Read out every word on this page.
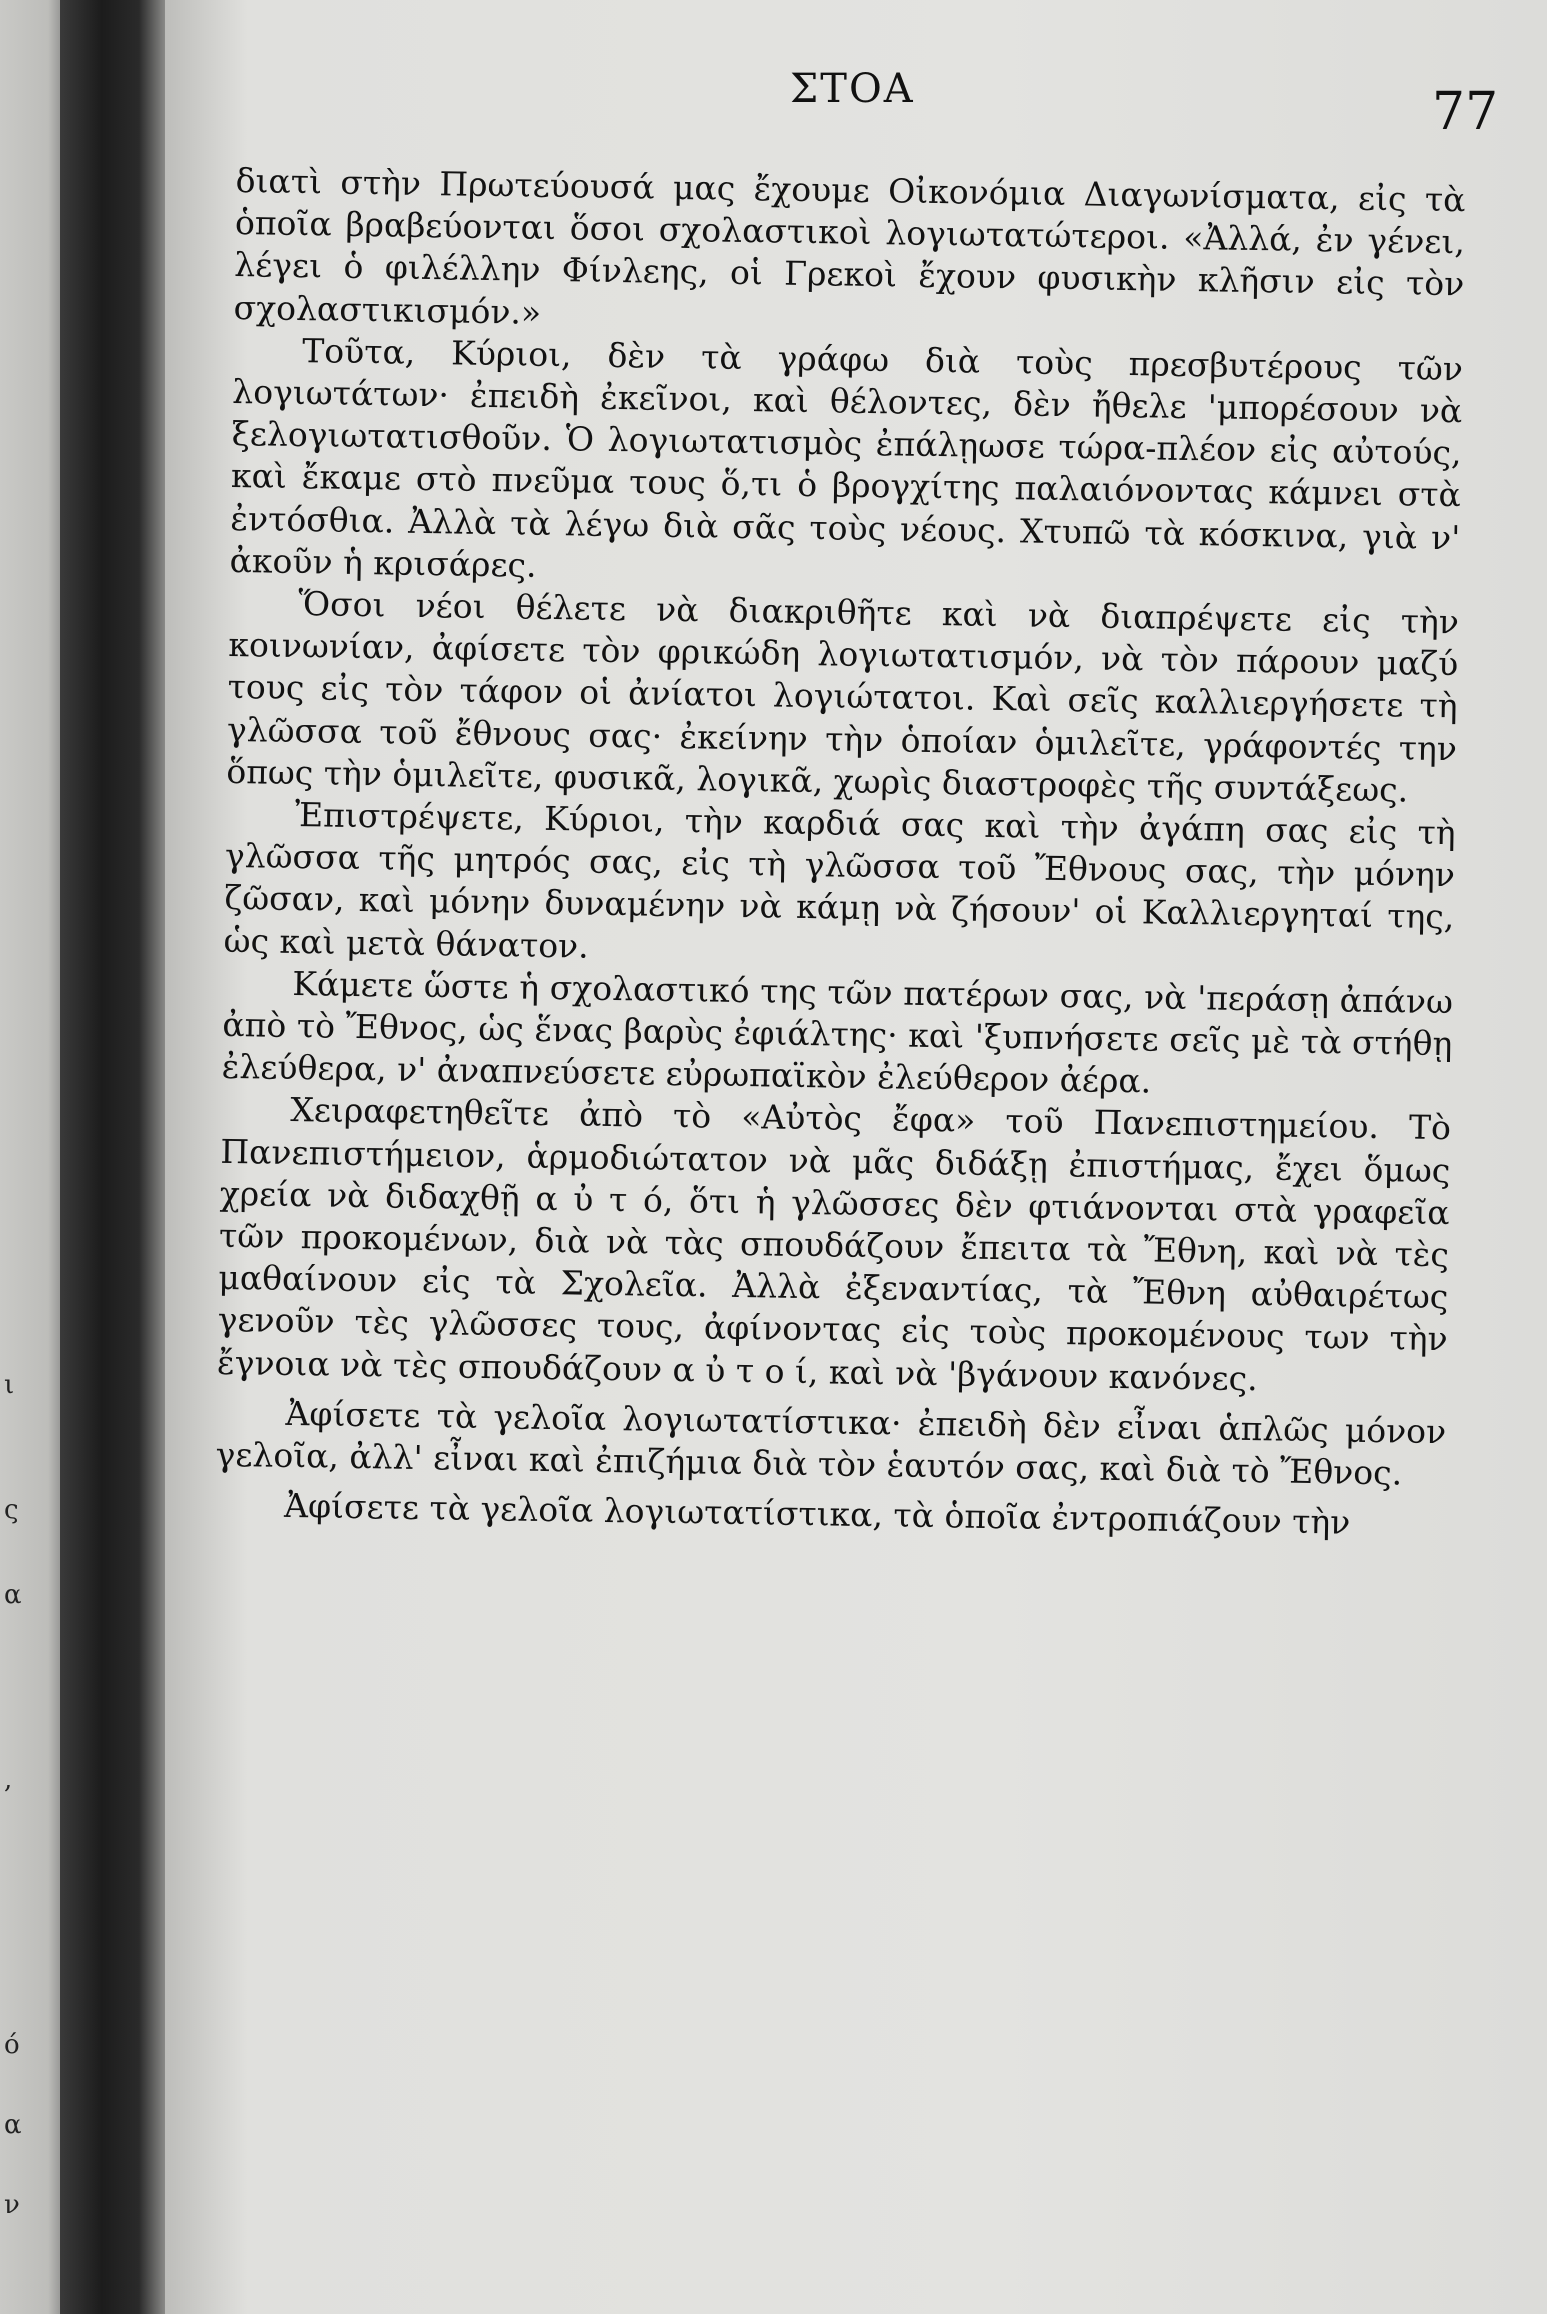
ι
ς
α
,
ό
α
ν
ΣΤΟΑ	77

διατὶ στὴν Πρωτεύουσά μας ἔχουμε Οἰκονόμια Διαγωνίσματα, εἰς τὰ ὁποῖα βραβεύονται ὅσοι σχολαστικοὶ λογιωτατώτεροι. «Ἀλλά, ἐν γένει, λέγει ὁ φιλέλλην Φίνλεης, οἱ Γρεκοὶ ἔχουν φυσικὴν κλῆσιν εἰς τὸν σχολαστικισμόν.»

Τοῦτα, Κύριοι, δὲν τὰ γράφω διὰ τοὺς πρεσβυτέρους τῶν λογιωτάτων· ἐπειδὴ ἐκεῖνοι, καὶ θέλοντες, δὲν ἤθελε 'μπορέσουν νὰ ξελογιωτατισθοῦν. Ὁ λογιωτατισμὸς ἐπάλῃωσε τώρα-πλέον εἰς αὐτούς, καὶ ἔκαμε στὸ πνεῦμα τους ὅ,τι ὁ βρογχίτης παλαιόνοντας κάμνει στὰ ἐντόσθια. Ἀλλὰ τὰ λέγω διὰ σᾶς τοὺς νέους. Χτυπῶ τὰ κόσκινα, γιὰ ν' ἀκοῦν ἡ κρισάρες.

Ὅσοι νέοι θέλετε νὰ διακριθῆτε καὶ νὰ διαπρέψετε εἰς τὴν κοινωνίαν, ἀφίσετε τὸν φρικώδη λογιωτατισμόν, νὰ τὸν πάρουν μαζύ τους εἰς τὸν τάφον οἱ ἀνίατοι λογιώτατοι. Καὶ σεῖς καλλιεργήσετε τὴ γλῶσσα τοῦ ἔθνους σας· ἐκείνην τὴν ὁποίαν ὁμιλεῖτε, γράφοντές την ὅπως τὴν ὁμιλεῖτε, φυσικᾶ, λογικᾶ, χωρὶς διαστροφὲς τῆς συντάξεως.

Ἐπιστρέψετε, Κύριοι, τὴν καρδιά σας καὶ τὴν ἀγάπη σας εἰς τὴ γλῶσσα τῆς μητρός σας, εἰς τὴ γλῶσσα τοῦ Ἔθνους σας, τὴν μόνην ζῶσαν, καὶ μόνην δυναμένην νὰ κάμῃ νὰ ζήσουν' οἱ Καλλιεργηταί της, ὡς καὶ μετὰ θάνατον.

Κάμετε ὥστε ἡ σχολαστικό της τῶν πατέρων σας, νὰ 'περάσῃ ἀπάνω ἀπὸ τὸ Ἔθνος, ὡς ἕνας βαρὺς ἐφιάλτης· καὶ 'ξυπνήσετε σεῖς μὲ τὰ στήθῃ ἐλεύθερα, ν' ἀναπνεύσετε εὐρωπαϊκὸν ἐλεύθερον ἀέρα.

Χειραφετηθεῖτε ἀπὸ τὸ «Αὐτὸς ἔφα» τοῦ Πανεπιστημείου. Τὸ Πανεπιστήμειον, ἁρμοδιώτατον νὰ μᾶς διδάξῃ ἐπιστήμας, ἔχει ὅμως χρεία νὰ διδαχθῇ α ὐ τ ό, ὅτι ἡ γλῶσσες δὲν φτιάνονται στὰ γραφεῖα τῶν προκομένων, διὰ νὰ τὰς σπουδάζουν ἔπειτα τὰ Ἔθνη, καὶ νὰ τὲς μαθαίνουν εἰς τὰ Σχολεῖα. Ἀλλὰ ἐξεναντίας, τὰ Ἔθνη αὐθαιρέτως γενοῦν τὲς γλῶσσες τους, ἀφίνοντας εἰς τοὺς προκομένους των τὴν ἔγνοια νὰ τὲς σπουδάζουν α ὐ τ ο ί, καὶ νὰ 'βγάνουν κανόνες.

Ἀφίσετε τὰ γελοῖα λογιωτατίστικα· ἐπειδὴ δὲν εἶναι ἁπλῶς μόνον γελοῖα, ἀλλ' εἶναι καὶ ἐπιζήμια διὰ τὸν ἑαυτόν σας, καὶ διὰ τὸ Ἔθνος.

Ἀφίσετε τὰ γελοῖα λογιωτατίστικα, τὰ ὁποῖα ἐντροπιάζουν τὴν
